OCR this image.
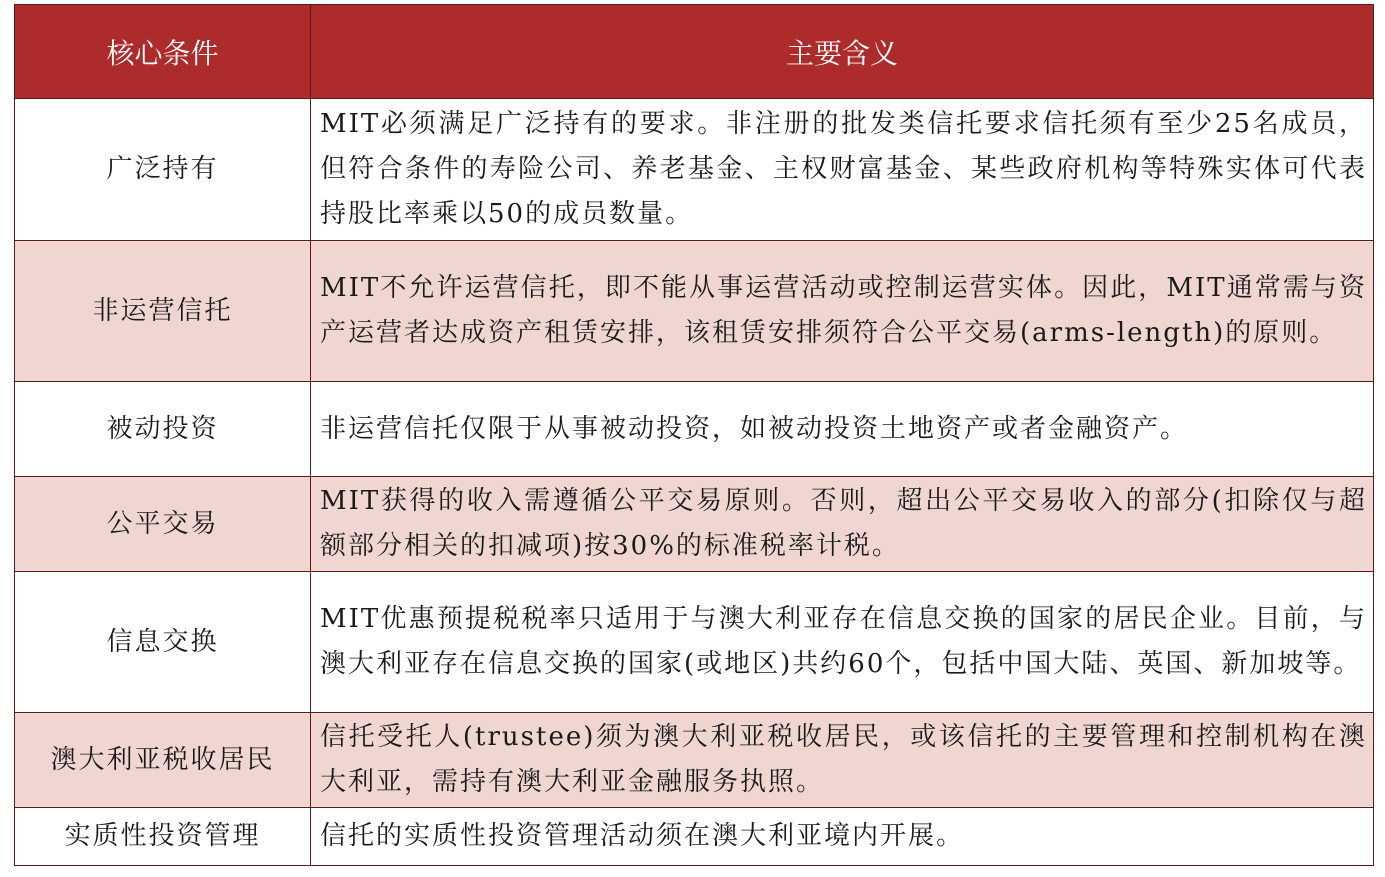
核心条件	主要含义
广泛持有	MIT必须满足广泛持有的要求。非注册的批发类信托要求信托须有至少25名成员，但符合条件的寿险公司、养老基金、主权财富基金、某些政府机构等特殊实体可代表持股比率乘以50的成员数量。
非运营信托	MIT不允许运营信托，即不能从事运营活动或控制运营实体。因此，MIT通常需与资产运营者达成资产租赁安排，该租赁安排须符合公平交易(arms-length)的原则。
被动投资	非运营信托仅限于从事被动投资，如被动投资土地资产或者金融资产。
公平交易	MIT获得的收入需遵循公平交易原则。否则，超出公平交易收入的部分(扣除仅与超额部分相关的扣减项)按30%的标准税率计税。
信息交换	MIT优惠预提税税率只适用于与澳大利亚存在信息交换的国家的居民企业。目前，与澳大利亚存在信息交换的国家(或地区)共约60个，包括中国大陆、英国、新加坡等。
澳大利亚税收居民	信托受托人(trustee)须为澳大利亚税收居民，或该信托的主要管理和控制机构在澳大利亚，需持有澳大利亚金融服务执照。
实质性投资管理	信托的实质性投资管理活动须在澳大利亚境内开展。
